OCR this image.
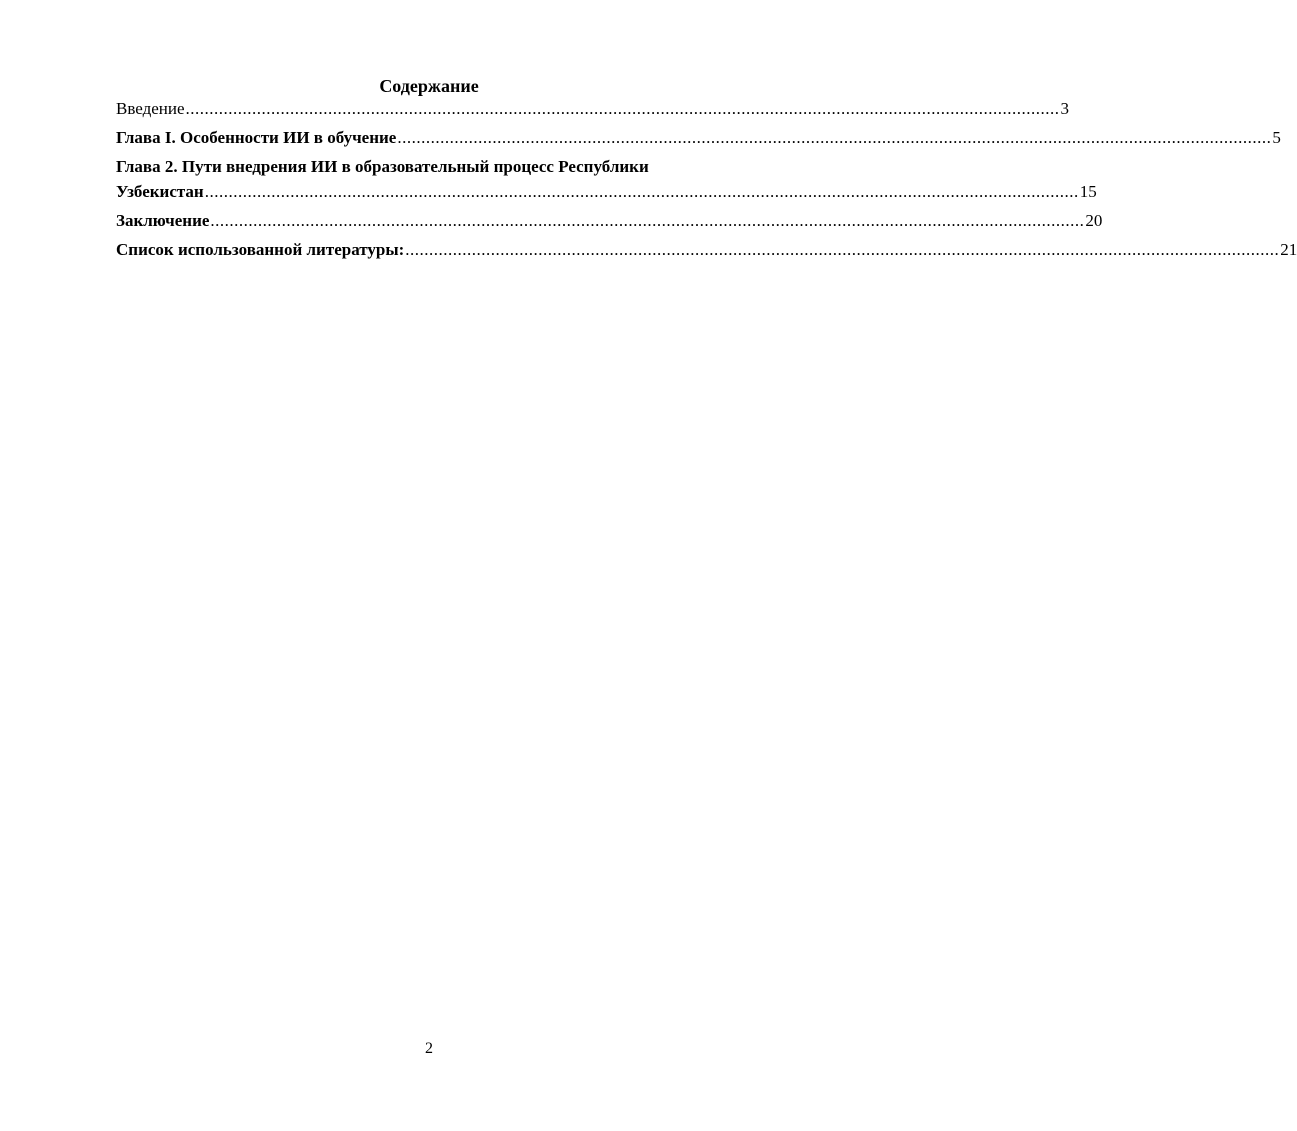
Содержание
Введение ........................................................................................................................................................................................ 3
Глава I. Особенности ИИ в обучение ........................................................................................................................................................................................ 5
Глава 2. Пути внедрения ИИ в образовательный процесс Республики
Узбекистан ........................................................................................................................................................................................ 15
Заключение ........................................................................................................................................................................................ 20
Список использованной литературы: ........................................................................................................................................................................................ 21
2
